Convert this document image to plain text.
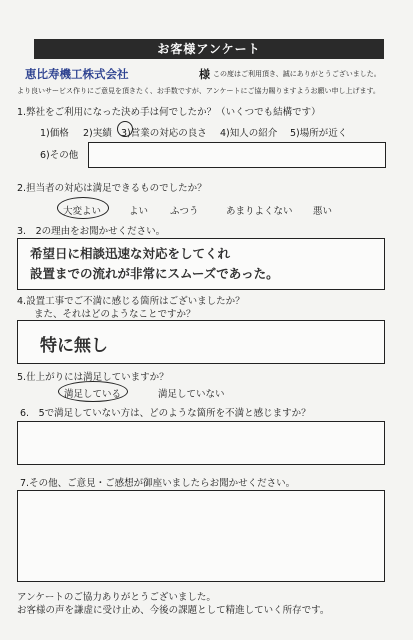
お客様アンケート
恵比寿機工株式会社	様 この度はご利用頂き、誠にありがとうございました。
より良いサービス作りにご意見を頂きたく、お手数ですが、アンケートにご協力賜りますようお願い申し上げます。
1.弊社をご利用になった決め手は何でしたか？（いくつでも結構です）
1)価格 2)実績 3)営業の対応の良さ 4)知人の紹介 5)場所が近く
6)その他
2.担当者の対応は満足できるものでしたか？
大変よい	よい ふつう	あまりよくない 悪い
3.　2の理由をお聞かせください。
希望日に相談迅速な対応をしてくれ
設置までの流れが非常にスムーズであった。
4.設置工事でご不満に感じる箇所はございましたか？
また、それはどのようなことですか？
特に無し
5.仕上がりには満足していますか？
満足している	満足していない
6.　5で満足していない方は、どのような箇所を不満と感じますか？
7.その他、ご意見・ご感想が御座いましたらお聞かせください。
アンケートのご協力ありがとうございました。
お客様の声を謙虚に受け止め、今後の課題として精進していく所存です。
